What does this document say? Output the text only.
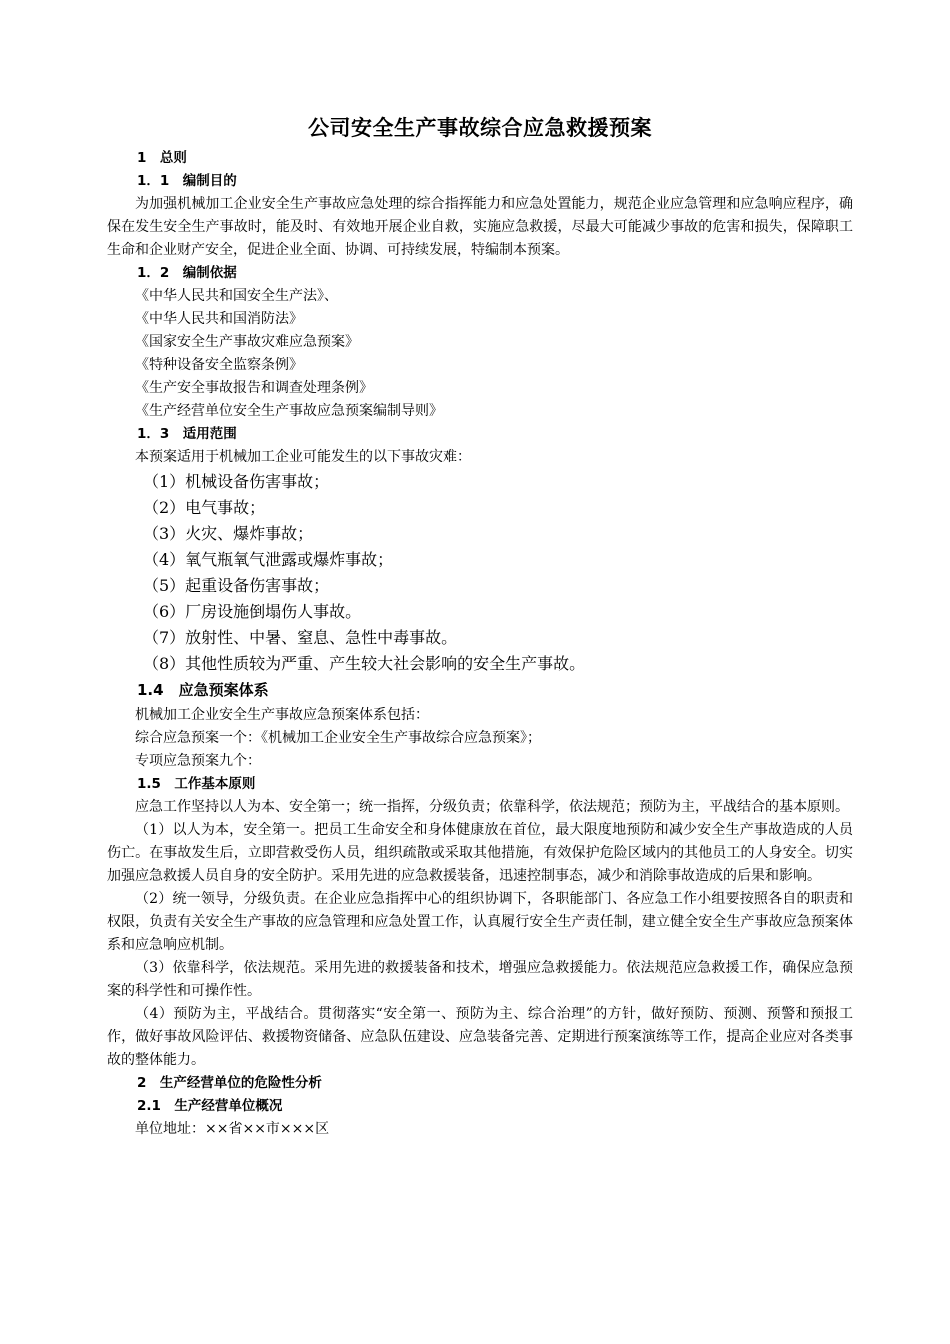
公司安全生产事故综合应急救援预案
1　总则
1．1　编制目的
为加强机械加工企业安全生产事故应急处理的综合指挥能力和应急处置能力，规范企业应急管理和应急响应程序，确保在发生安全生产事故时，能及时、有效地开展企业自救，实施应急救援，尽最大可能减少事故的危害和损失，保障职工生命和企业财产安全，促进企业全面、协调、可持续发展，特编制本预案。
1．2　编制依据
《中华人民共和国安全生产法》、
《中华人民共和国消防法》
《国家安全生产事故灾难应急预案》
《特种设备安全监察条例》
《生产安全事故报告和调查处理条例》
《生产经营单位安全生产事故应急预案编制导则》
1．3　适用范围
本预案适用于机械加工企业可能发生的以下事故灾难：
（1）机械设备伤害事故；
（2）电气事故；
（3）火灾、爆炸事故；
（4）氧气瓶氧气泄露或爆炸事故；
（5）起重设备伤害事故；
（6）厂房设施倒塌伤人事故。
（7）放射性、中暑、窒息、急性中毒事故。
（8）其他性质较为严重、产生较大社会影响的安全生产事故。
1.4　应急预案体系
机械加工企业安全生产事故应急预案体系包括：
综合应急预案一个：《机械加工企业安全生产事故综合应急预案》；
专项应急预案九个：
1.5　工作基本原则
应急工作坚持以人为本、安全第一；统一指挥，分级负责；依靠科学，依法规范；预防为主，平战结合的基本原则。
（1）以人为本，安全第一。把员工生命安全和身体健康放在首位，最大限度地预防和减少安全生产事故造成的人员伤亡。在事故发生后，立即营救受伤人员，组织疏散或采取其他措施，有效保护危险区域内的其他员工的人身安全。切实加强应急救援人员自身的安全防护。采用先进的应急救援装备，迅速控制事态，减少和消除事故造成的后果和影响。
（2）统一领导，分级负责。在企业应急指挥中心的组织协调下，各职能部门、各应急工作小组要按照各自的职责和权限，负责有关安全生产事故的应急管理和应急处置工作，认真履行安全生产责任制，建立健全安全生产事故应急预案体系和应急响应机制。
（3）依靠科学，依法规范。采用先进的救援装备和技术，增强应急救援能力。依法规范应急救援工作，确保应急预案的科学性和可操作性。
（4）预防为主，平战结合。贯彻落实“安全第一、预防为主、综合治理”的方针，做好预防、预测、预警和预报工作，做好事故风险评估、救援物资储备、应急队伍建设、应急装备完善、定期进行预案演练等工作，提高企业应对各类事故的整体能力。
2　生产经营单位的危险性分析
2.1　生产经营单位概况
单位地址：××省××市×××区
